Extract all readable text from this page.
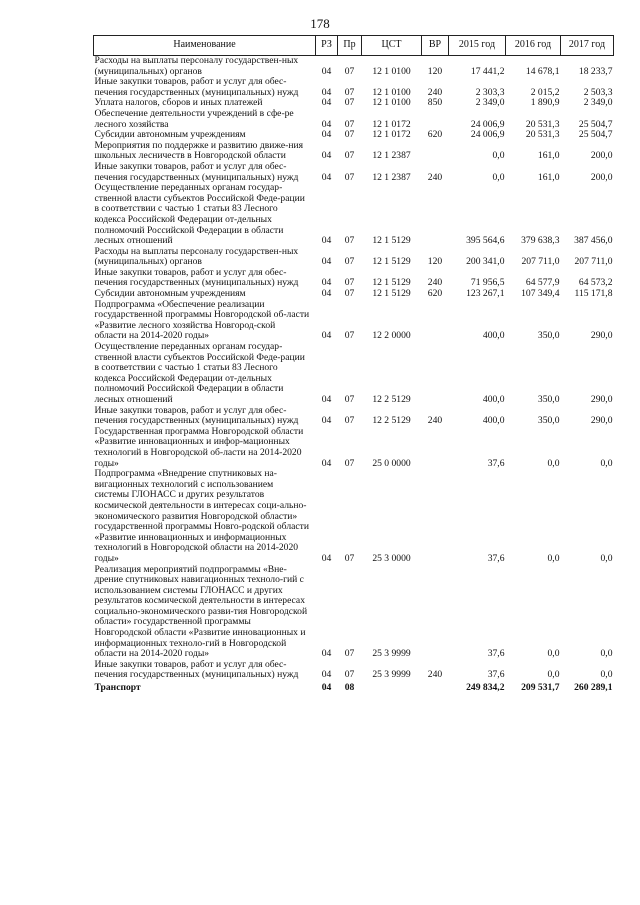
178
Наименование	РЗ	Пр	ЦСТ	ВР	2015 год	2016 год	2017 год
Расходы на выплаты персоналу государствен-ных (муниципальных) органов	04	07	12 1 0100	120	17 441,2	14 678,1	18 233,7
Иные закупки товаров, работ и услуг для обес-печения государственных (муниципальных) нужд	04	07	12 1 0100	240	2 303,3	2 015,2	2 503,3
Уплата налогов, сборов и иных платежей	04	07	12 1 0100	850	2 349,0	1 890,9	2 349,0
Обеспечение деятельности учреждений в сфе-ре лесного хозяйства	04	07	12 1 0172		24 006,9	20 531,3	25 504,7
Субсидии автономным учреждениям	04	07	12 1 0172	620	24 006,9	20 531,3	25 504,7
Мероприятия по поддержке и развитию движе-ния школьных лесничеств в Новгородской области	04	07	12 1 2387		0,0	161,0	200,0
Иные закупки товаров, работ и услуг для обес-печения государственных (муниципальных) нужд	04	07	12 1 2387	240	0,0	161,0	200,0
Осуществление переданных органам государ-ственной власти субъектов Российской Феде-рации в соответствии с частью 1 статьи 83 Лесного кодекса Российской Федерации от-дельных полномочий Российской Федерации в области лесных отношений	04	07	12 1 5129		395 564,6	379 638,3	387 456,0
Расходы на выплаты персоналу государствен-ных (муниципальных) органов	04	07	12 1 5129	120	200 341,0	207 711,0	207 711,0
Иные закупки товаров, работ и услуг для обес-печения государственных (муниципальных) нужд	04	07	12 1 5129	240	71 956,5	64 577,9	64 573,2
Субсидии автономным учреждениям	04	07	12 1 5129	620	123 267,1	107 349,4	115 171,8
Подпрограмма «Обеспечение реализации государственной программы Новгородской об-ласти «Развитие лесного хозяйства Новгород-ской области на 2014-2020 годы»	04	07	12 2 0000		400,0	350,0	290,0
Осуществление переданных органам государ-ственной власти субъектов Российской Феде-рации в соответствии с частью 1 статьи 83 Лесного кодекса Российской Федерации от-дельных полномочий Российской Федерации в области лесных отношений	04	07	12 2 5129		400,0	350,0	290,0
Иные закупки товаров, работ и услуг для обес-печения государственных (муниципальных) нужд	04	07	12 2 5129	240	400,0	350,0	290,0
Государственная программа Новгородской области «Развитие инновационных и инфор-мационных технологий в Новгородской об-ласти на 2014-2020 годы»	04	07	25 0 0000		37,6	0,0	0,0
Подпрограмма «Внедрение спутниковых на-вигационных технологий с использованием системы ГЛОНАСС и других результатов космической деятельности в интересах соци-ально-экономического развития Новгородской области» государственной программы Новго-родской области «Развитие инновационных и информационных технологий в Новгородской области на 2014-2020 годы»	04	07	25 3 0000		37,6	0,0	0,0
Реализация мероприятий подпрограммы «Вне-дрение спутниковых навигационных техноло-гий с использованием системы ГЛОНАСС и других результатов космической деятельности в интересах социально-экономического разви-тия Новгородской области» государственной программы Новгородской области «Развитие инновационных и информационных техноло-гий в Новгородской области на 2014-2020 годы»	04	07	25 3 9999		37,6	0,0	0,0
Иные закупки товаров, работ и услуг для обес-печения государственных (муниципальных) нужд	04	07	25 3 9999	240	37,6	0,0	0,0
Транспорт	04	08			249 834,2	209 531,7	260 289,1
